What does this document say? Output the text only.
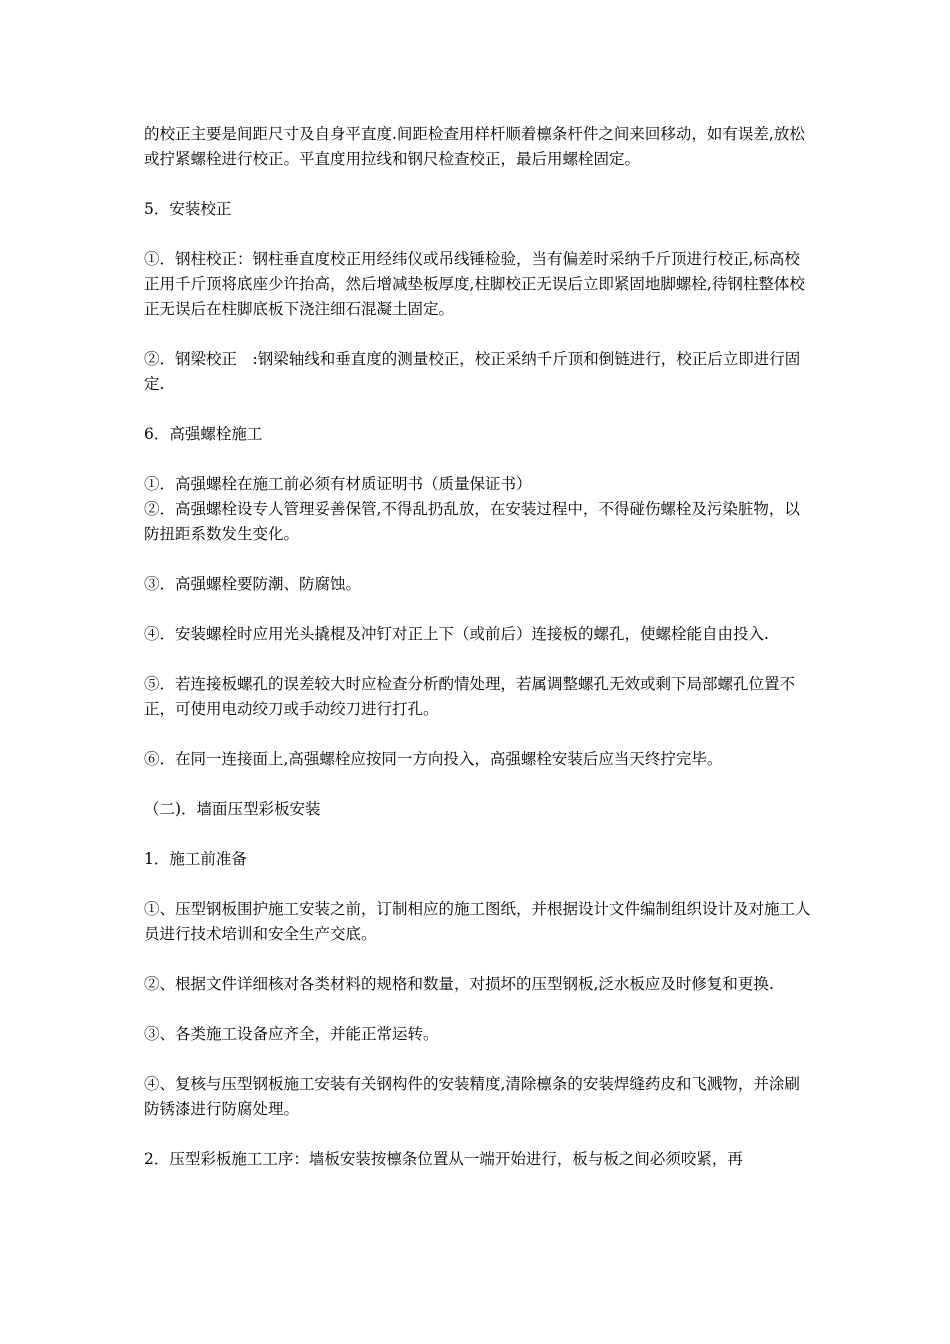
的校正主要是间距尺寸及自身平直度.间距检查用样杆顺着檩条杆件之间来回移动，如有误差,放松或拧紧螺栓进行校正。平直度用拉线和钢尺检查校正，最后用螺栓固定。

5．安装校正

①．钢柱校正：钢柱垂直度校正用经纬仪或吊线锤检验，当有偏差时采纳千斤顶进行校正,标高校正用千斤顶将底座少许抬高，然后增减垫板厚度,柱脚校正无误后立即紧固地脚螺栓,待钢柱整体校正无误后在柱脚底板下浇注细石混凝土固定。

②．钢梁校正　:钢梁轴线和垂直度的测量校正，校正采纳千斤顶和倒链进行，校正后立即进行固定.

6．高强螺栓施工

①．高强螺栓在施工前必须有材质证明书（质量保证书）

②．高强螺栓设专人管理妥善保管,不得乱扔乱放，在安装过程中，不得碰伤螺栓及污染脏物，以防扭距系数发生变化。

③．高强螺栓要防潮、防腐蚀。

④．安装螺栓时应用光头撬棍及冲钉对正上下（或前后）连接板的螺孔，使螺栓能自由投入.

⑤．若连接板螺孔的误差较大时应检查分析酌情处理，若属调整螺孔无效或剩下局部螺孔位置不正，可使用电动绞刀或手动绞刀进行打孔。

⑥．在同一连接面上,高强螺栓应按同一方向投入，高强螺栓安装后应当天终拧完毕。

（二)．墙面压型彩板安装

1．施工前准备

①、压型钢板围护施工安装之前，订制相应的施工图纸，并根据设计文件编制组织设计及对施工人员进行技术培训和安全生产交底。

②、根据文件详细核对各类材料的规格和数量，对损坏的压型钢板,泛水板应及时修复和更换.

③、各类施工设备应齐全，并能正常运转。

④、复核与压型钢板施工安装有关钢构件的安装精度,清除檩条的安装焊缝药皮和飞溅物，并涂刷防锈漆进行防腐处理。

2．压型彩板施工工序：墙板安装按檩条位置从一端开始进行，板与板之间必须咬紧，再
